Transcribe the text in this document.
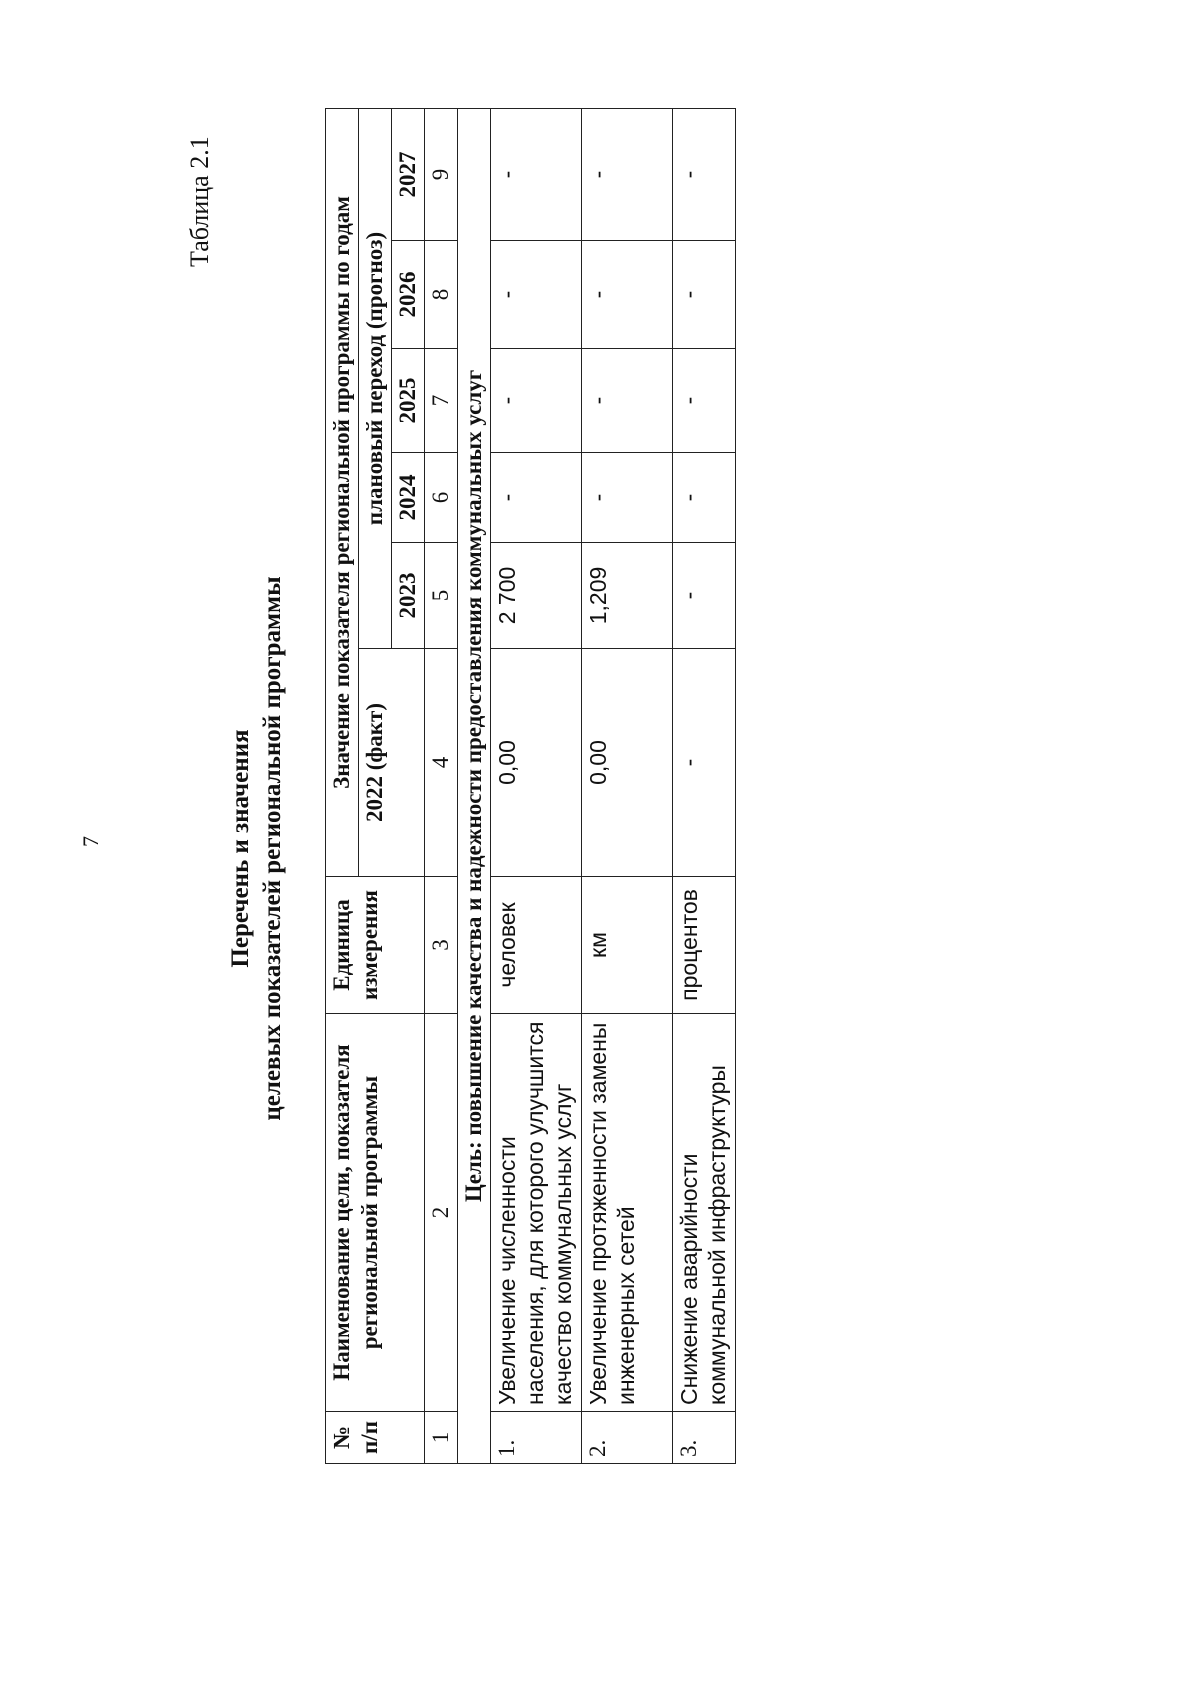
7
Таблица 2.1
Перечень и значения целевых показателей региональной программы
№ п/п	Наименование цели, показателя региональной программы	Единица измерения	Значение показателя региональной программы по годам					
			2022 (факт)	плановый переход (прогноз)				
				2023	2024	2025	2026	2027
1	2	3	4	5	6	7	8	9
Цель: повышение качества и надежности предоставления коммунальных услуг								
1.	Увеличение численности населения, для которого улучшится качество коммунальных услуг	человек	0,00	2 700	-	-	-	-
2.	Увеличение протяженности замены инженерных сетей	км	0,00	1,209	-	-	-	-
3.	Снижение аварийности коммунальной инфраструктуры	процентов	-	-	-	-	-	-
